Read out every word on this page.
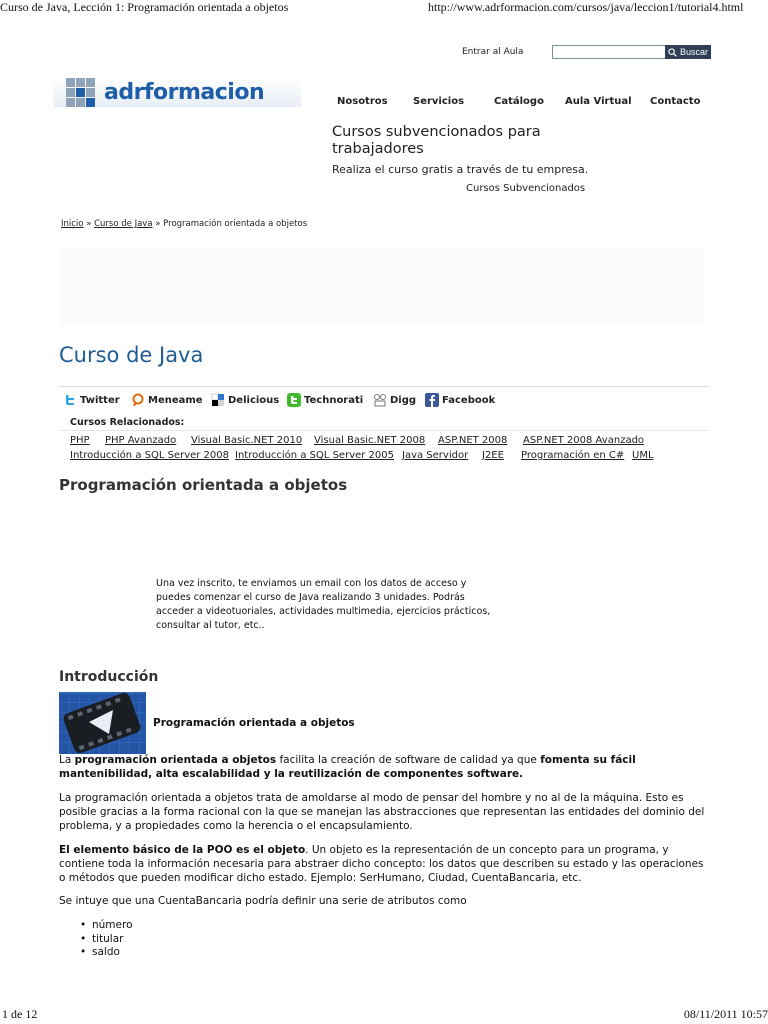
Curso de Java, Lección 1: Programación orientada a objetos	http://www.adrformacion.com/cursos/java/leccion1/tutorial4.html
Entrar al Aula	Buscar
adrformacion	Nosotros	Servicios	Catálogo Aula Virtual Contacto
Cursos subvencionados para trabajadores
Realiza el curso gratis a través de tu empresa.
Cursos Subvencionados
Inicio » Curso de Java » Programación orientada a objetos
Curso de Java
Twitter	Meneame	Delicious Technorati	Digg	Facebook
Cursos Relacionados:
PHP PHP Avanzado Visual Basic.NET 2010 Visual Basic.NET 2008 ASP.NET 2008 ASP.NET 2008 Avanzado
Introducción a SQL Server 2008 Introducción a SQL Server 2005 Java Servidor J2EE Programación en C# UML
Programación orientada a objetos
Una vez inscrito, te enviamos un email con los datos de acceso y puedes comenzar el curso de Java realizando 3 unidades. Podrás acceder a videotuoriales, actividades multimedia, ejercicios prácticos, consultar al tutor, etc..
Introducción
Programación orientada a objetos
La programación orientada a objetos facilita la creación de software de calidad ya que fomenta su fácil mantenibilidad, alta escalabilidad y la reutilización de componentes software.
La programación orientada a objetos trata de amoldarse al modo de pensar del hombre y no al de la máquina. Esto es posible gracias a la forma racional con la que se manejan las abstracciones que representan las entidades del dominio del problema, y a propiedades como la herencia o el encapsulamiento.
El elemento básico de la POO es el objeto. Un objeto es la representación de un concepto para un programa, y contiene toda la información necesaria para abstraer dicho concepto: los datos que describen su estado y las operaciones o métodos que pueden modificar dicho estado. Ejemplo: SerHumano, Ciudad, CuentaBancaria, etc.
Se intuye que una CuentaBancaria podría definir una serie de atributos como
• número
• titular
• saldo
1 de 12	08/11/2011 10:57
